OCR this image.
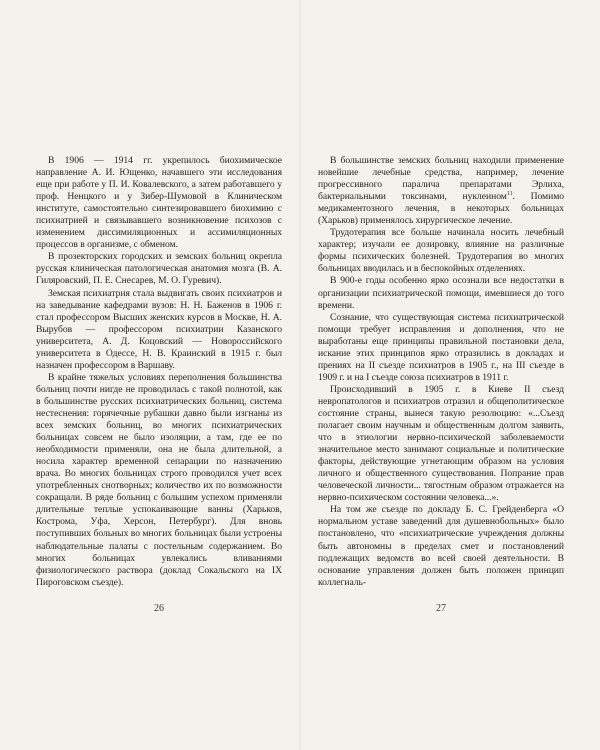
В 1906 — 1914 гг. укрепилось биохимическое направление А. И. Ющенко, начавшего эти исследования еще при работе у П. И. Ковалевского, а затем работавшего у проф. Ненцкого и у Зибер-Шумовой в Клиническом институте, самостоятельно синтезировавшего биохимию с психиатрией и связывавшего возникновение психозов с изменением диссимиляционных и ассимиляционных процессов в организме, с обменом.

В прозекторских городских и земских больниц окрепла русская клиническая патологическая анатомия мозга (В. А. Гиляровский, П. Е. Снесарев, М. О. Гуревич).

Земская психиатрия стала выдвигать своих психиатров и на заведывание кафедрами вузов: Н. Н. Баженов в 1906 г. стал профессором Высших женских курсов в Москве, Н. А. Вырубов — профессором психиатрии Казанского университета, А. Д. Коцовский — Новороссийского университета в Одессе, Н. В. Краинский в 1915 г. был назначен профессором в Варшаву.

В крайне тяжелых условиях переполнения большинства больниц почти нигде не проводилась с такой полнотой, как в большинстве русских психиатрических больниц, система нестеснения: горячечные рубашки давно были изгнаны из всех земских больниц, во многих психиатрических больницах совсем не было изоляции, а там, где ее по необходимости применяли, она не была длительной, а носила характер временной сепарации по назначению врача. Во многих больницах строго проводился учет всех употребленных снотворных; количество их по возможности сокращали. В ряде больниц с большим успехом применяли длительные теплые успокаивающие ванны (Харьков, Кострома, Уфа, Херсон, Петербург). Для вновь поступивших больных во многих больницах были устроены наблюдательные палаты с постельным содержанием. Во многих больницах увлекались вливаниями физиологического раствора (доклад Сокальского на IX Пироговском съезде).

26

В большинстве земских больниц находили применение новейшие лечебные средства, например, лечение прогрессивного паралича препаратами Эрлиха, бактериальными токсинами, нуклеином$^{11}$. Помимо медикаментозного лечения, в некоторых больницах (Харьков) применялось хирургическое лечение.

Трудотерапия все больше начинала носить лечебный характер; изучали ее дозировку, влияние на различные формы психических болезней. Трудотерапия во многих больницах вводилась и в беспокойных отделениях.

В 900-е годы особенно ярко осознали все недостатки в организации психиатрической помощи, имевшиеся до того времени.

Сознание, что существующая система психиатрической помощи требует исправления и дополнения, что не выработаны еще принципы правильной постановки дела, искание этих принципов ярко отразились в докладах и прениях на II съезде психиатров в 1905 г., на III съезде в 1909 г. и на I съезде союза психиатров в 1911 г.

Происходивший в 1905 г. в Киеве II съезд невропатологов и психиатров отразил и общеполитическое состояние страны, вынеся такую резолюцию: «...Съезд полагает своим научным и общественным долгом заявить, что в этиологии нервно-психической заболеваемости значительное место занимают социальные и политические факторы, действующие угнетающим образом на условия личного и общественного существования. Попрание прав человеческой личности... тягостным образом отражается на нервно-психическом состоянии человека...».

На том же съезде по докладу Б. С. Грейденберга «О нормальном уставе заведений для душевнобольных» было постановлено, что «психиатрические учреждения должны быть автономны в пределах смет и постановлений подлежащих ведомств во всей своей деятельности. В основание управления должен быть положен принцип коллегиаль-

27
